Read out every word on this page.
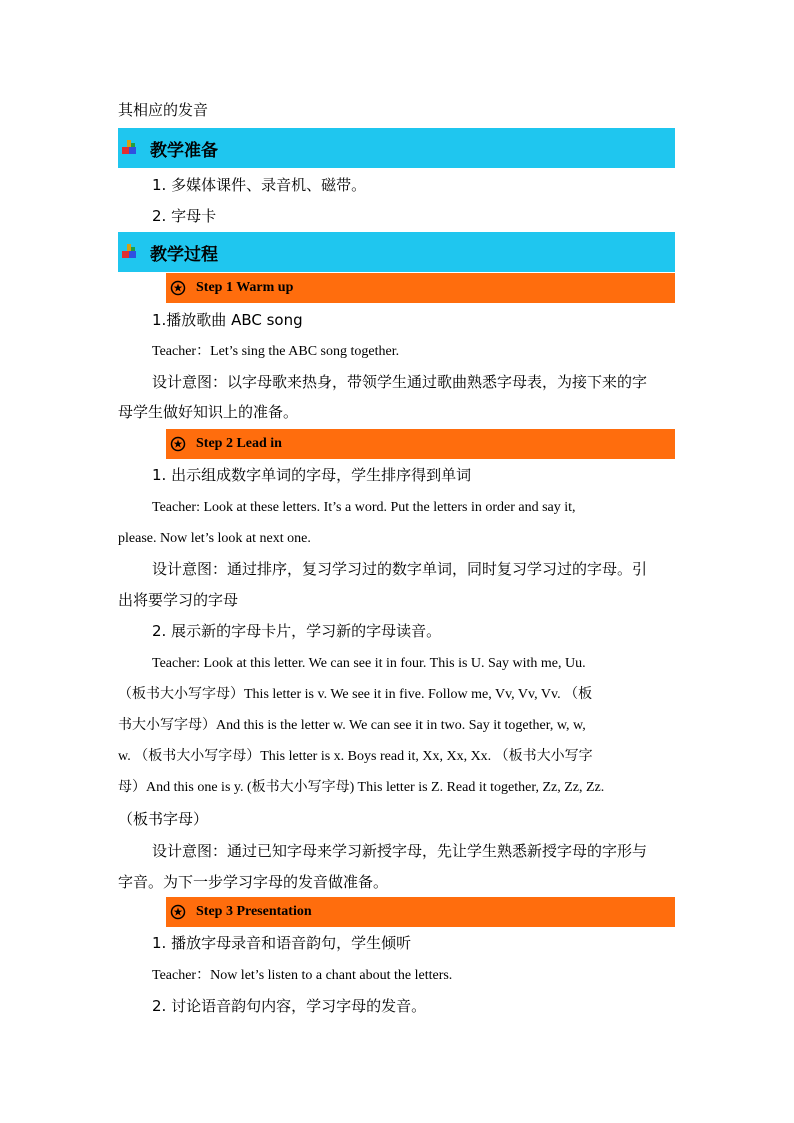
其相应的发音
教学准备
1. 多媒体课件、录音机、磁带。
2. 字母卡
教学过程
Step 1 Warm up
1.播放歌曲 ABC song
Teacher：Let’s sing the ABC song together.
设计意图：以字母歌来热身，带领学生通过歌曲熟悉字母表，为接下来的字
母学生做好知识上的准备。
Step 2 Lead in
1. 出示组成数字单词的字母，学生排序得到单词
Teacher: Look at these letters. It’s a word. Put the letters in order and say it,
please. Now let’s look at next one.
设计意图：通过排序，复习学习过的数字单词，同时复习学习过的字母。引
出将要学习的字母
2. 展示新的字母卡片，学习新的字母读音。
Teacher: Look at this letter. We can see it in four. This is U. Say with me, Uu.
（板书大小写字母）This letter is v. We see it in five. Follow me, Vv, Vv, Vv. （板
书大小写字母）And this is the letter w. We can see it in two. Say it together, w, w,
w. （板书大小写字母）This letter is x. Boys read it, Xx, Xx, Xx. （板书大小写字
母）And this one is y. (板书大小写字母) This letter is Z. Read it together, Zz, Zz, Zz.
（板书字母）
设计意图：通过已知字母来学习新授字母，先让学生熟悉新授字母的字形与
字音。为下一步学习字母的发音做准备。
Step 3 Presentation
1. 播放字母录音和语音韵句，学生倾听
Teacher：Now let’s listen to a chant about the letters.
2. 讨论语音韵句内容，学习字母的发音。
